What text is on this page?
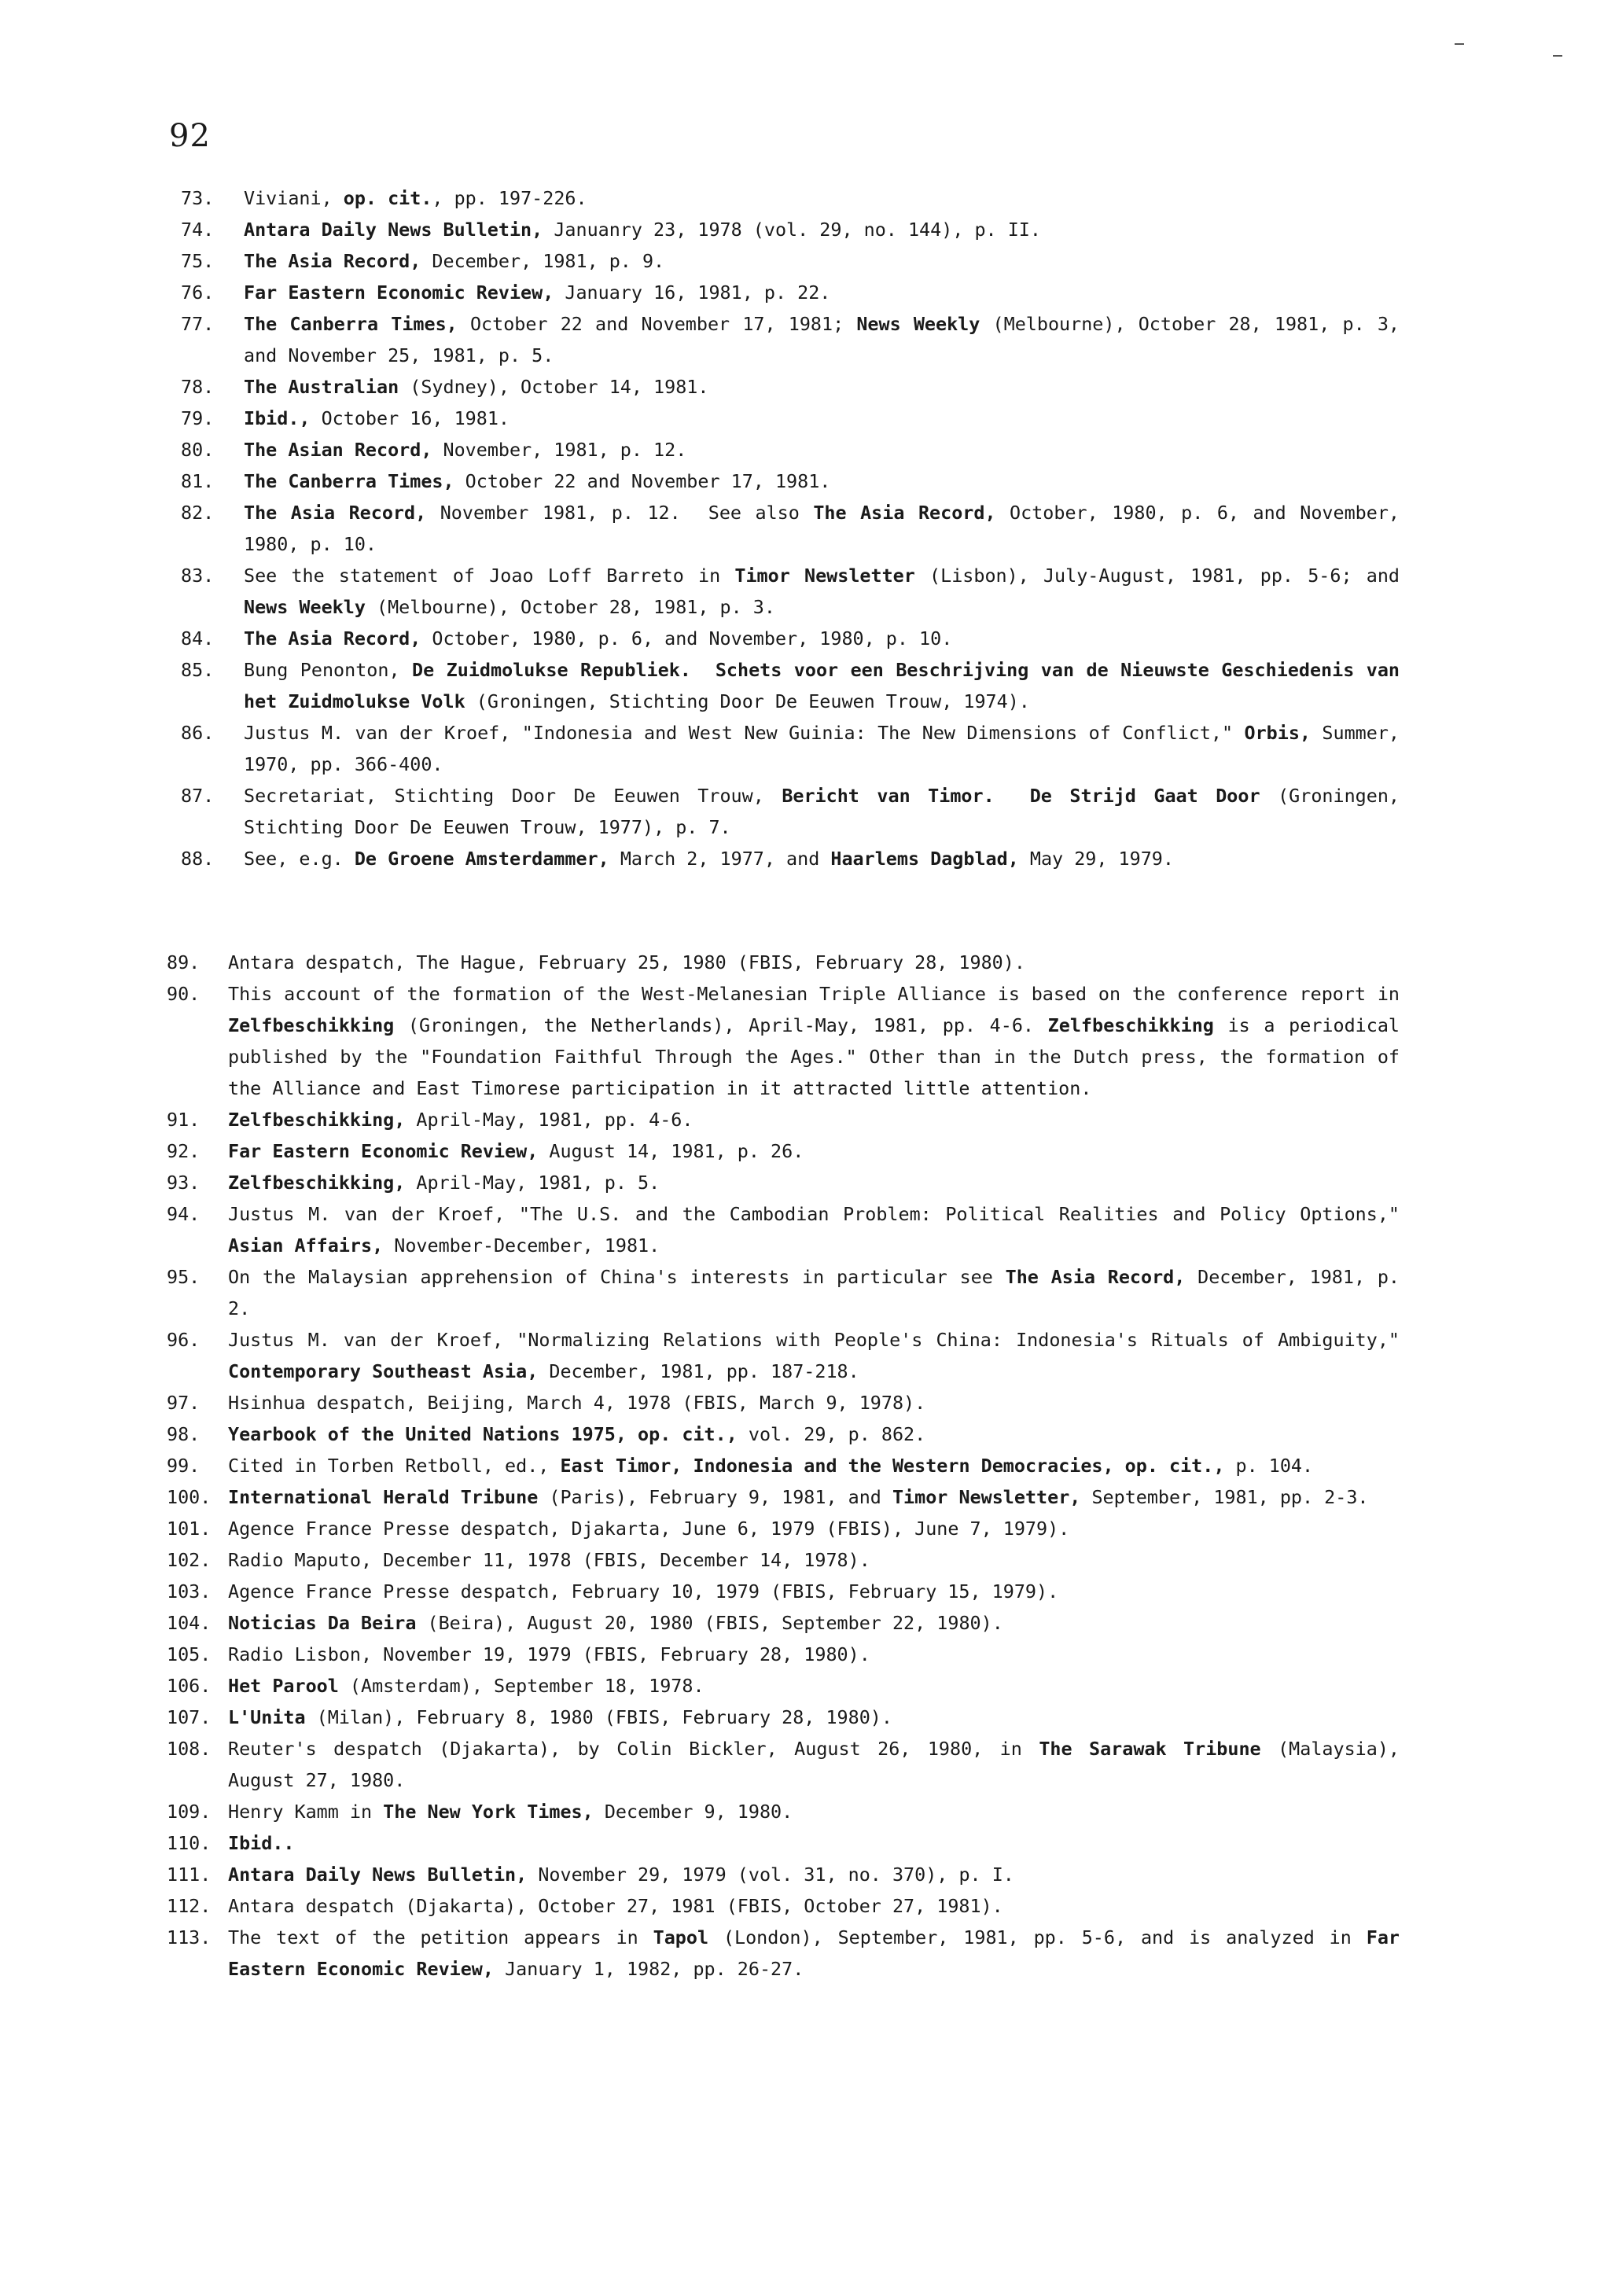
92
73. Viviani, op. cit., pp. 197-226.
74. Antara Daily News Bulletin, Januanry 23, 1978 (vol. 29, no. 144), p. II.
75. The Asia Record, December, 1981, p. 9.
76. Far Eastern Economic Review, January 16, 1981, p. 22.
77. The Canberra Times, October 22 and November 17, 1981; News Weekly (Melbourne), October 28, 1981, p. 3, and November 25, 1981, p. 5.
78. The Australian (Sydney), October 14, 1981.
79. Ibid., October 16, 1981.
80. The Asian Record, November, 1981, p. 12.
81. The Canberra Times, October 22 and November 17, 1981.
82. The Asia Record, November 1981, p. 12.  See also The Asia Record, October, 1980, p. 6, and November, 1980, p. 10.
83. See the statement of Joao Loff Barreto in Timor Newsletter (Lisbon), July-August, 1981, pp. 5-6; and News Weekly (Melbourne), October 28, 1981, p. 3.
84. The Asia Record, October, 1980, p. 6, and November, 1980, p. 10.
85. Bung Penonton, De Zuidmolukse Republiek.  Schets voor een Beschrijving van de Nieuwste Geschiedenis van het Zuidmolukse Volk (Groningen, Stichting Door De Eeuwen Trouw, 1974).
86. Justus M. van der Kroef, "Indonesia and West New Guinia: The New Dimensions of Conflict," Orbis, Summer, 1970, pp. 366-400.
87. Secretariat, Stichting Door De Eeuwen Trouw, Bericht van Timor.  De Strijd Gaat Door (Groningen, Stichting Door De Eeuwen Trouw, 1977), p. 7.
88. See, e.g. De Groene Amsterdammer, March 2, 1977, and Haarlems Dagblad, May 29, 1979.
89. Antara despatch, The Hague, February 25, 1980 (FBIS, February 28, 1980).
90. This account of the formation of the West-Melanesian Triple Alliance is based on the conference report in Zelfbeschikking (Groningen, the Netherlands), April-May, 1981, pp. 4-6. Zelfbeschikking is a periodical published by the "Foundation Faithful Through the Ages." Other than in the Dutch press, the formation of the Alliance and East Timorese participation in it attracted little attention.
91. Zelfbeschikking, April-May, 1981, pp. 4-6.
92. Far Eastern Economic Review, August 14, 1981, p. 26.
93. Zelfbeschikking, April-May, 1981, p. 5.
94. Justus M. van der Kroef, "The U.S. and the Cambodian Problem: Political Realities and Policy Options," Asian Affairs, November-December, 1981.
95. On the Malaysian apprehension of China's interests in particular see The Asia Record, December, 1981, p. 2.
96. Justus M. van der Kroef, "Normalizing Relations with People's China: Indonesia's Rituals of Ambiguity," Contemporary Southeast Asia, December, 1981, pp. 187-218.
97. Hsinhua despatch, Beijing, March 4, 1978 (FBIS, March 9, 1978).
98. Yearbook of the United Nations 1975, op. cit., vol. 29, p. 862.
99. Cited in Torben Retboll, ed., East Timor, Indonesia and the Western Democracies, op. cit., p. 104.
100. International Herald Tribune (Paris), February 9, 1981, and Timor Newsletter, September, 1981, pp. 2-3.
101. Agence France Presse despatch, Djakarta, June 6, 1979 (FBIS), June 7, 1979).
102. Radio Maputo, December 11, 1978 (FBIS, December 14, 1978).
103. Agence France Presse despatch, February 10, 1979 (FBIS, February 15, 1979).
104. Noticias Da Beira (Beira), August 20, 1980 (FBIS, September 22, 1980).
105. Radio Lisbon, November 19, 1979 (FBIS, February 28, 1980).
106. Het Parool (Amsterdam), September 18, 1978.
107. L'Unita (Milan), February 8, 1980 (FBIS, February 28, 1980).
108. Reuter's despatch (Djakarta), by Colin Bickler, August 26, 1980, in The Sarawak Tribune (Malaysia), August 27, 1980.
109. Henry Kamm in The New York Times, December 9, 1980.
110. Ibid..
111. Antara Daily News Bulletin, November 29, 1979 (vol. 31, no. 370), p. I.
112. Antara despatch (Djakarta), October 27, 1981 (FBIS, October 27, 1981).
113. The text of the petition appears in Tapol (London), September, 1981, pp. 5-6, and is analyzed in Far Eastern Economic Review, January 1, 1982, pp. 26-27.
